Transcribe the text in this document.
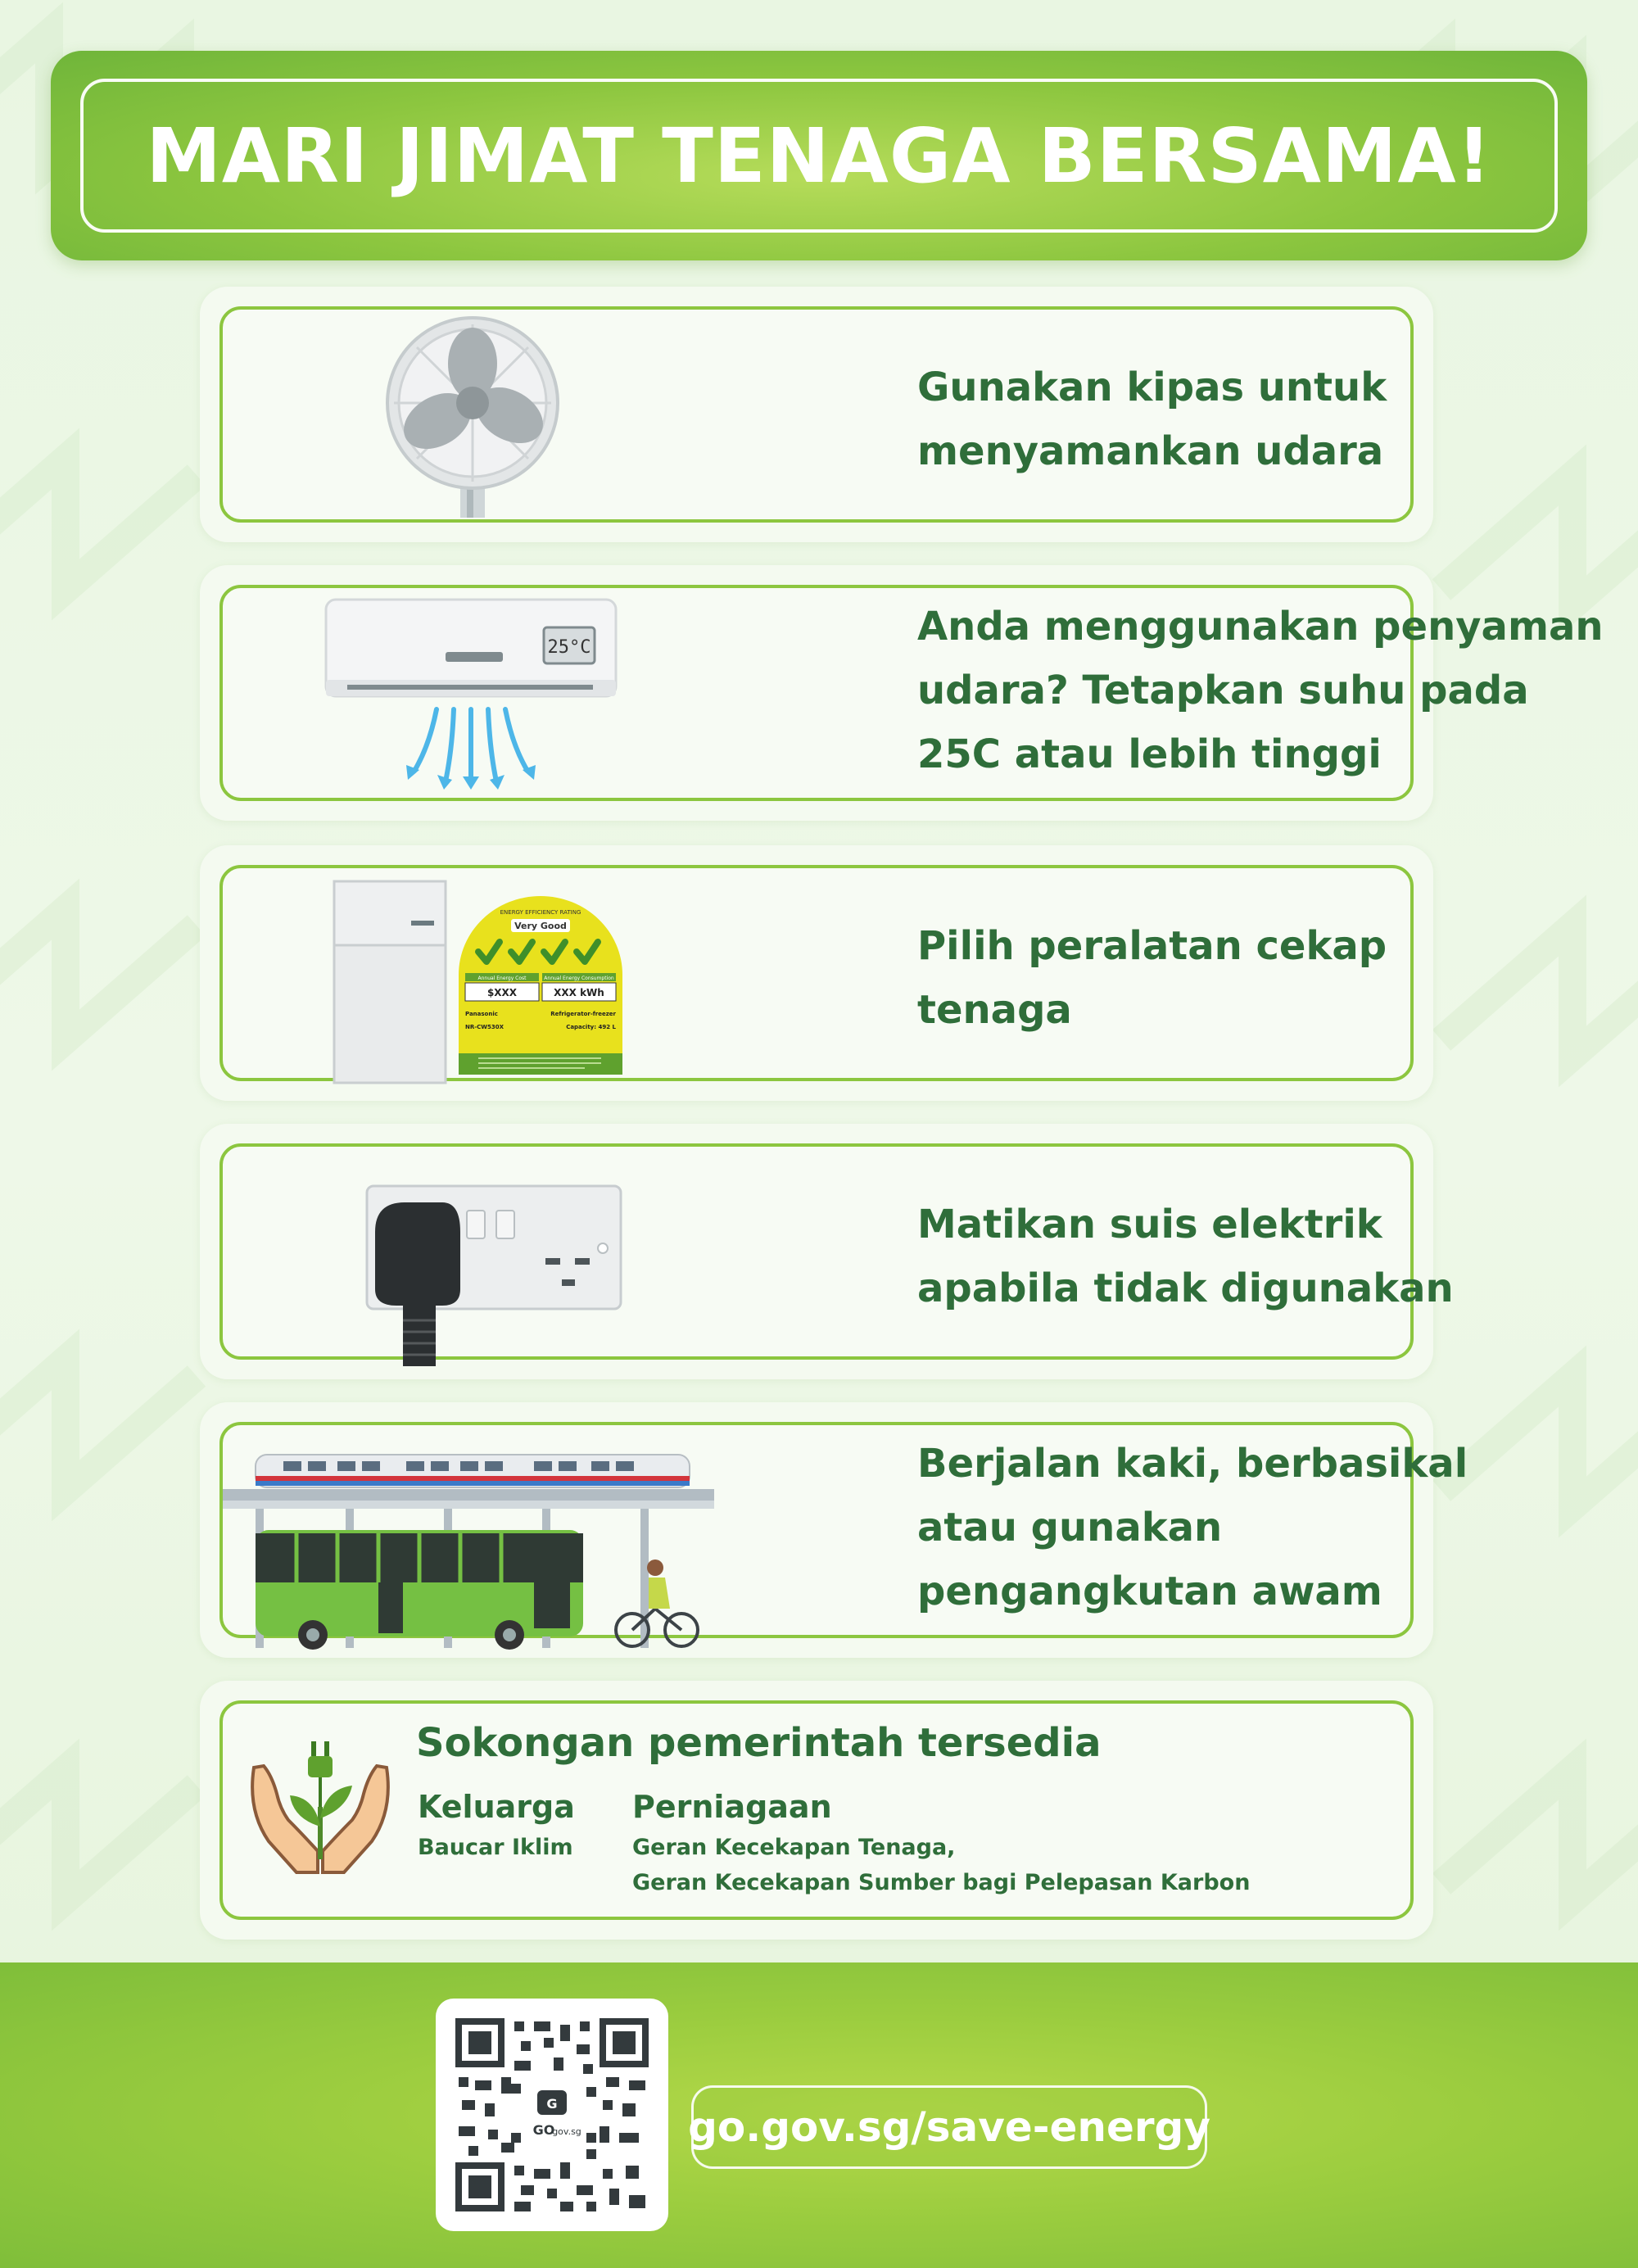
MARI JIMAT TENAGA BERSAMA!
Gunakan kipas untuk
menyamankan udara
25°C	Anda menggunakan penyaman
udara? Tetapkan suhu pada
25C atau lebih tinggi
ENERGY EFFICIENCY RATING
Very Good
Annual Energy Cost	Annual Energy Consumption
$XXX	XXX kWh
Panasonic	Refrigerator-freezer
NR-CW530X	Capacity: 492 L
Pilih peralatan cekap
tenaga
Matikan suis elektrik
apabila tidak digunakan
Berjalan kaki, berbasikal
atau gunakan
pengangkutan awam
Sokongan pemerintah tersedia
Keluarga
Baucar Iklim
Perniagaan
Geran Kecekapan Tenaga,
Geran Kecekapan Sumber bagi Pelepasan Karbon
G
GO
gov.sg	go.gov.sg/save-energy
